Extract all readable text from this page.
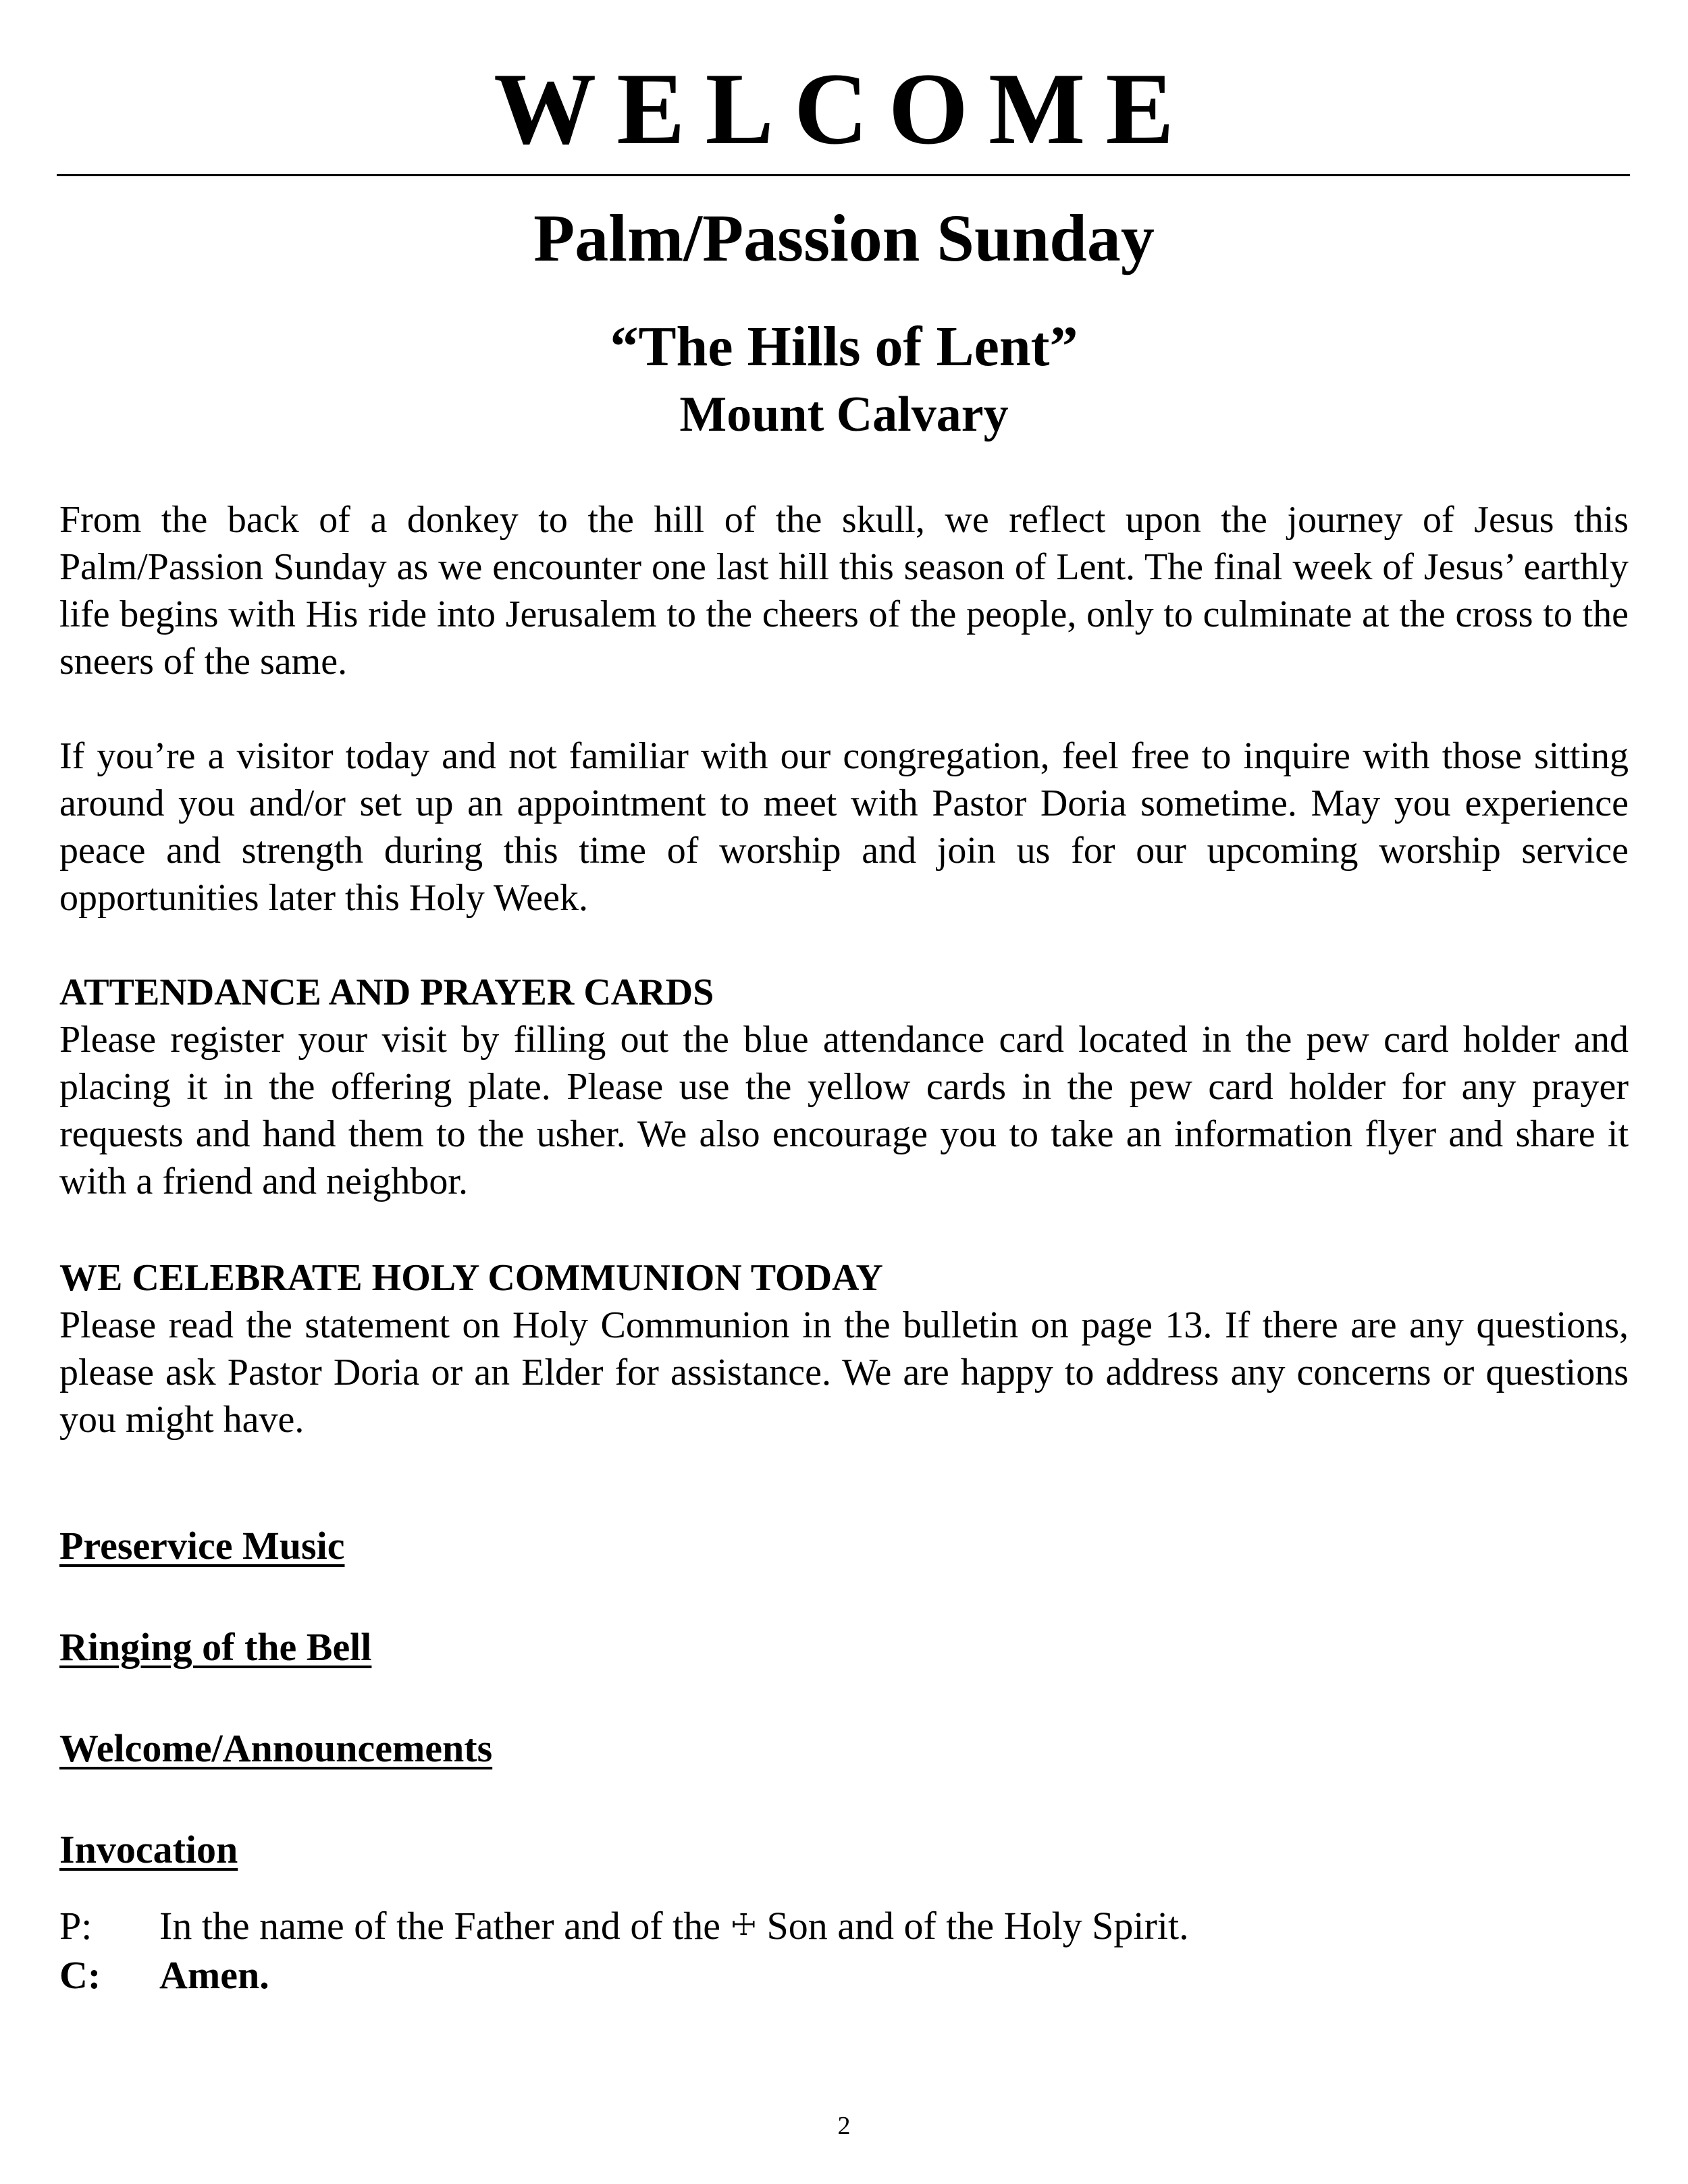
WELCOME
Palm/Passion Sunday
“The Hills of Lent”
Mount Calvary
From the back of a donkey to the hill of the skull, we reflect upon the journey of Jesus this Palm/Passion Sunday as we encounter one last hill this season of Lent. The final week of Jesus’ earthly life begins with His ride into Jerusalem to the cheers of the people, only to culminate at the cross to the sneers of the same.
If you’re a visitor today and not familiar with our congregation, feel free to inquire with those sitting around you and/or set up an appointment to meet with Pastor Doria sometime. May you experience peace and strength during this time of worship and join us for our upcoming worship service opportunities later this Holy Week.
ATTENDANCE AND PRAYER CARDS
Please register your visit by filling out the blue attendance card located in the pew card holder and placing it in the offering plate. Please use the yellow cards in the pew card holder for any prayer requests and hand them to the usher. We also encourage you to take an information flyer and share it with a friend and neighbor.
WE CELEBRATE HOLY COMMUNION TODAY
Please read the statement on Holy Communion in the bulletin on page 13. If there are any questions, please ask Pastor Doria or an Elder for assistance. We are happy to address any concerns or questions you might have.
Preservice Music
Ringing of the Bell
Welcome/Announcements
Invocation
P: In the name of the Father and of the ☩ Son and of the Holy Spirit.
C: Amen.
2
